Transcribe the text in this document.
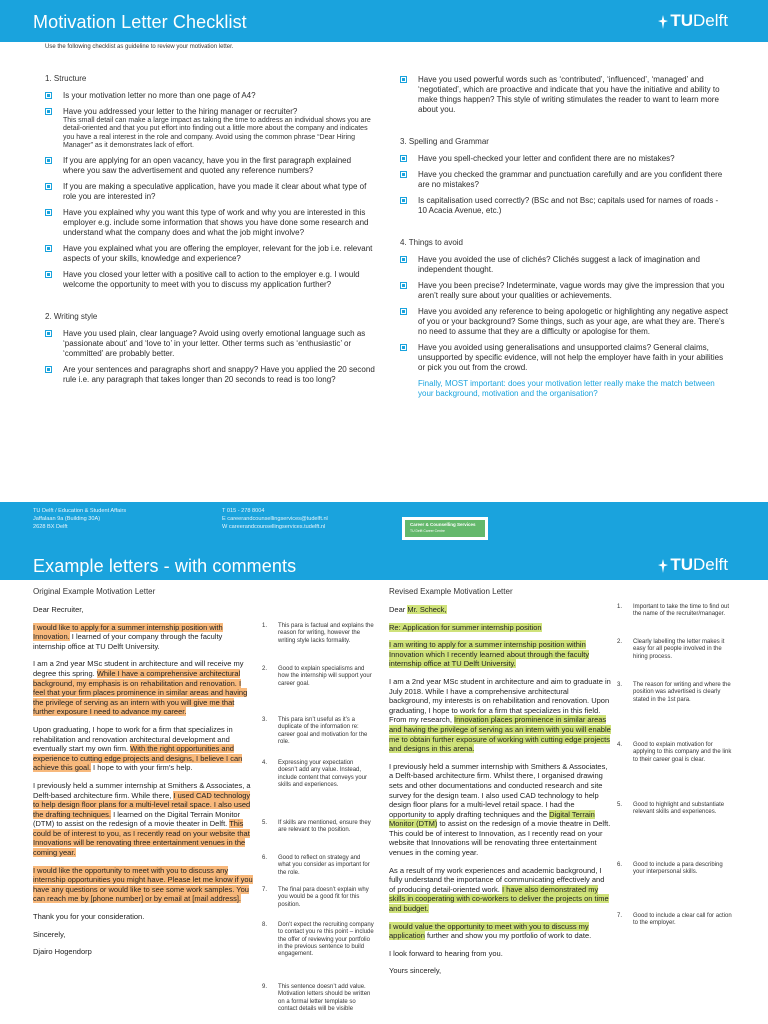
Motivation Letter Checklist	TU Delft
Use the following checklist as guideline to review your motivation letter.
1. Structure
Is your motivation letter no more than one page of A4?
Have you addressed your letter to the hiring manager or recruiter?
This small detail can make a large impact as taking the time to address an individual shows you are detail-oriented and that you put effort into finding out a little more about the company and indicates you have a real interest in the role and company. Avoid using the common phrase “Dear Hiring Manager” as it demonstrates lack of effort.
If you are applying for an open vacancy, have you in the first paragraph explained where you saw the advertisement and quoted any reference numbers?
If you are making a speculative application, have you made it clear about what type of role you are interested in?
Have you explained why you want this type of work and why you are interested in this employer e.g. include some information that shows you have done some research and understand what the company does and what the job might involve?
Have you explained what you are offering the employer, relevant for the job i.e. relevant aspects of your skills, knowledge and experience?
Have you closed your letter with a positive call to action to the employer e.g. I would welcome the opportunity to meet with you to discuss my application further?
2. Writing style
Have you used plain, clear language? Avoid using overly emotional language such as ‘passionate about’ and ‘love to’ in your letter. Other terms such as ‘enthusiastic’ or ‘committed’ are probably better.
Are your sentences and paragraphs short and snappy? Have you applied the 20 second rule i.e. any paragraph that takes longer than 20 seconds to read is too long?
Have you used powerful words such as ‘contributed’, ‘influenced’, ‘managed’ and ‘negotiated’, which are proactive and indicate that you have the initiative and ability to make things happen? This style of writing stimulates the reader to want to learn more about you.
3. Spelling and Grammar
Have you spell-checked your letter and confident there are no mistakes?
Have you checked the grammar and punctuation carefully and are you confident there are no mistakes?
Is capitalisation used correctly? (BSc and not Bsc; capitals used for names of roads - 10 Acacia Avenue, etc.)
4. Things to avoid
Have you avoided the use of clichés? Clichés suggest a lack of imagination and independent thought.
Have you been precise? Indeterminate, vague words may give the impression that you aren’t really sure about your qualities or achievements.
Have you avoided any reference to being apologetic or highlighting any negative aspect of you or your background? Some things, such as your age, are what they are. There’s no need to assume that they are a difficulty or apologise for them.
Have you avoided using generalisations and unsupported claims? General claims, unsupported by specific evidence, will not help the employer have faith in your abilities or pick you out from the crowd.
Finally, MOST important: does your motivation letter really make the match between your background, motivation and the organisation?
TU Delft / Education & Student Affairs
Jaffalaan 9a (Building 30A)
2628 BX Delft
T 015 - 278 8004
E careerandcounsellingservices@tudelft.nl
W careerandcounsellingservices.tudelft.nl	Career & Counselling Services
TU Delft Career Centre
Example letters - with comments	TU Delft
Original Example Motivation Letter	Revised Example Motivation Letter

Dear Recruiter,

I would like to apply for a summer internship position with Innovation. I learned of your company through the faculty internship office at TU Delft University.

I am a 2nd year MSc student in architecture and will receive my degree this spring. While I have a comprehensive architectural background, my emphasis is on rehabilitation and renovation. I feel that your firm places prominence in similar areas and having the privilege of serving as an intern with you will give me that further exposure I need to advance my career.

Upon graduating, I hope to work for a firm that specializes in rehabilitation and renovation architectural development and eventually start my own firm. With the right opportunities and experience to cutting edge projects and designs, I believe I can achieve this goal. I hope to with your firm’s help.

I previously held a summer internship at Smithers & Associates, a Delft-based architecture firm. While there, I used CAD technology to help design floor plans for a multi-level retail space. I also used the drafting techniques. I learned on the Digital Terrain Monitor (DTM) to assist on the redesign of a movie theater in Delft. This could be of interest to you, as I recently read on your website that Innovations will be renovating three entertainment venues in the coming year.

I would like the opportunity to meet with you to discuss any internship opportunities you might have. Please let me know if you have any questions or would like to see some work samples. You can reach me by [phone number] or by email at [mail address].

Thank you for your consideration.

Sincerely,

Djairo Hogendorp

1.	This para is factual and explains the reason for writing, however the writing style lacks formality.
2.	Good to explain specialisms and how the internship will support your career goal.
3.	This para isn’t useful as it’s a duplicate of the information re: career goal and motivation for the role.
4.	Expressing your expectation doesn’t add any value. Instead, include content that conveys your skills and experiences.
5.	If skills are mentioned, ensure they are relevant to the position.
6.	Good to reflect on strategy and what you consider as important for the role.
7.	The final para doesn’t explain why you would be a good fit for this position.
8.	Don’t expect the recruiting company to contact you re this point – include the offer of reviewing your portfolio in the previous sentence to build engagement.
9.	This sentence doesn’t add value. Motivation letters should be written on a formal letter template so contact details will be visible

Dear Mr. Scheck,

Re: Application for summer internship position

I am writing to apply for a summer internship position within Innovation which I recently learned about through the faculty internship office at TU Delft University.

I am a 2nd year MSc student in architecture and aim to graduate in July 2018. While I have a comprehensive architectural background, my interests is on rehabilitation and renovation. Upon graduating, I hope to work for a firm that specializes in this field. From my research, Innovation places prominence in similar areas and having the privilege of serving as an intern with you will enable me to obtain further exposure of working with cutting edge projects and designs in this arena.

I previously held a summer internship with Smithers & Associates, a Delft-based architecture firm. Whilst there, I organised drawing sets and other documentations and conducted research and site survey for the design team. I also used CAD technology to help design floor plans for a multi-level retail space. I had the opportunity to apply drafting techniques and the Digital Terrain Monitor (DTM) to assist on the redesign of a movie theatre in Delft. This could be of interest to Innovation, as I recently read on your website that Innovations will be renovating three entertainment venues in the coming year.

As a result of my work experiences and academic background, I fully understand the importance of communicating effectively and of producing detail-oriented work. I have also demonstrated my skills in cooperating with co-workers to deliver the projects on time and budget.

I would value the opportunity to meet with you to discuss my application further and show you my portfolio of work to date.

I look forward to hearing from you.

Yours sincerely,

1.	Important to take the time to find out the name of the recruiter/manager.
2.	Clearly labelling the letter makes it easy for all people involved in the hiring process.
3.	The reason for writing and where the position was advertised is clearly stated in the 1st para.
4.	Good to explain motivation for applying to this company and the link to their career goal is clear.
5.	Good to highlight and substantiate relevant skills and experiences.
6.	Good to include a para describing your interpersonal skills.
7.	Good to include a clear call for action to the employer.
